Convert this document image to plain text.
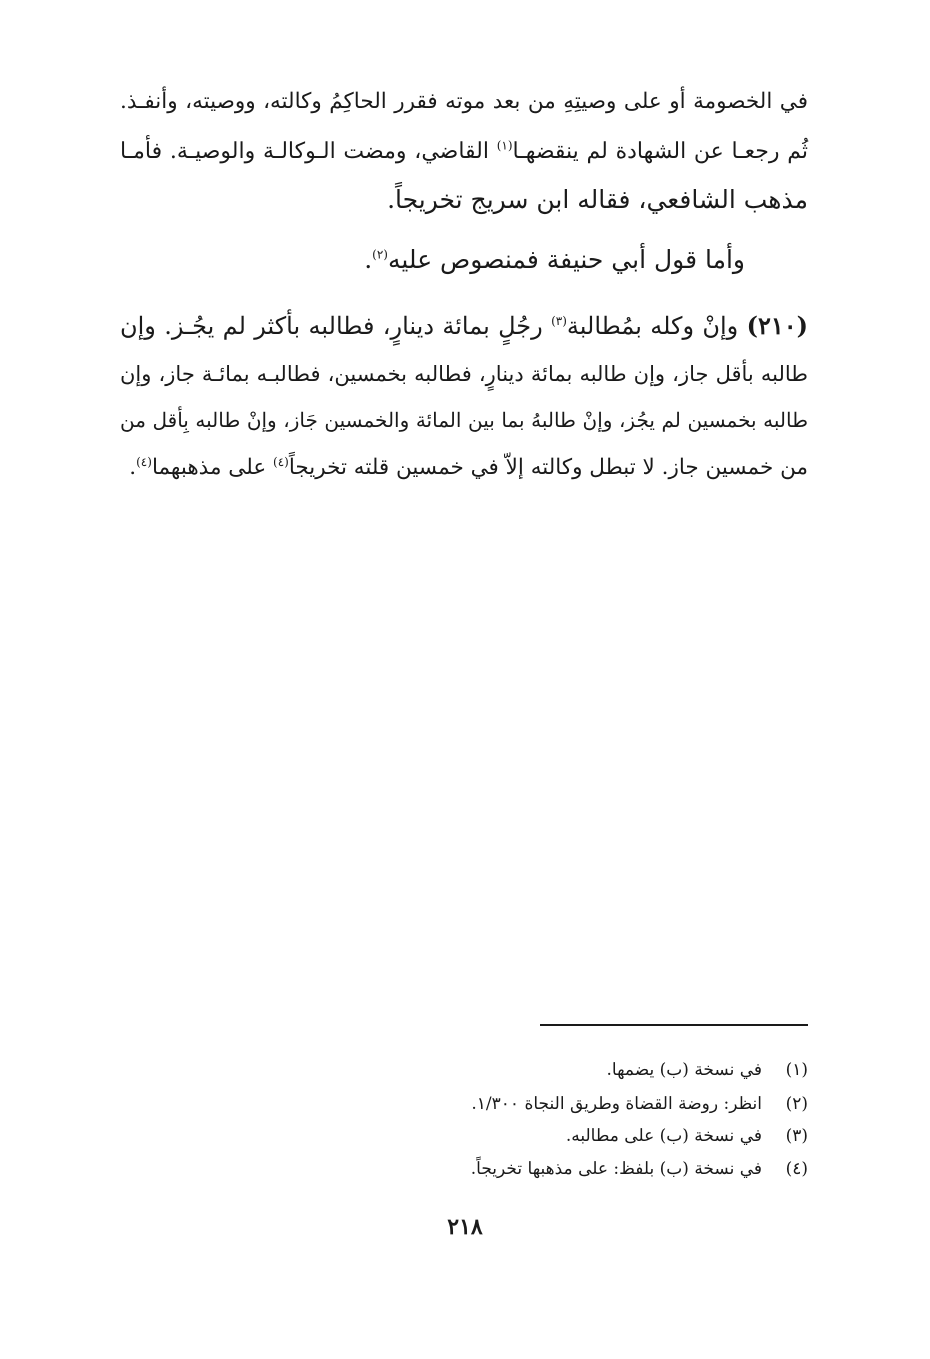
في الخصومة أو على وصيتِهِ من بعد موته فقرر الحاكِمُ وكالته، ووصيته، وأنفـذ.
ثُم رجعـا عن الشهادة لم ينقضهـا$^{(١)}$ القاضي، ومضت الـوكالـة والوصيـة. فأمـا
مذهب الشافعي، فقاله ابن سريج تخريجاً.
وأما قول أبي حنيفة فمنصوص عليه$^{(٢)}$.
(٢١٠) وإنْ وكله بمُطالبة$^{(٣)}$ رجُلٍ بمائة دينارٍ، فطالبه بأكثر لم يجُـز. وإن
طالبه بأقل جاز، وإن طالبه بمائة دينارٍ، فطالبه بخمسين، فطالبـه بمائـة جاز، وإن
طالبه بخمسين لم يجُز، وإنْ طالبهُ بما بين المائة والخمسين جَاز، وإنْ طالبه بِأقل من
من خمسين جاز. لا تبطل وكالته إلاّ في خمسين قلته تخريجاً$^{(٤)}$ على مذهبهما$^{(٤)}$.
(١)في نسخة (ب) يضمها.
(٢)انظر: روضة القضاة وطريق النجاة ١/٣٠٠.
(٣)في نسخة (ب) على مطالبه.
(٤)في نسخة (ب) بلفظ: على مذهبها تخريجاً.
٢١٨
